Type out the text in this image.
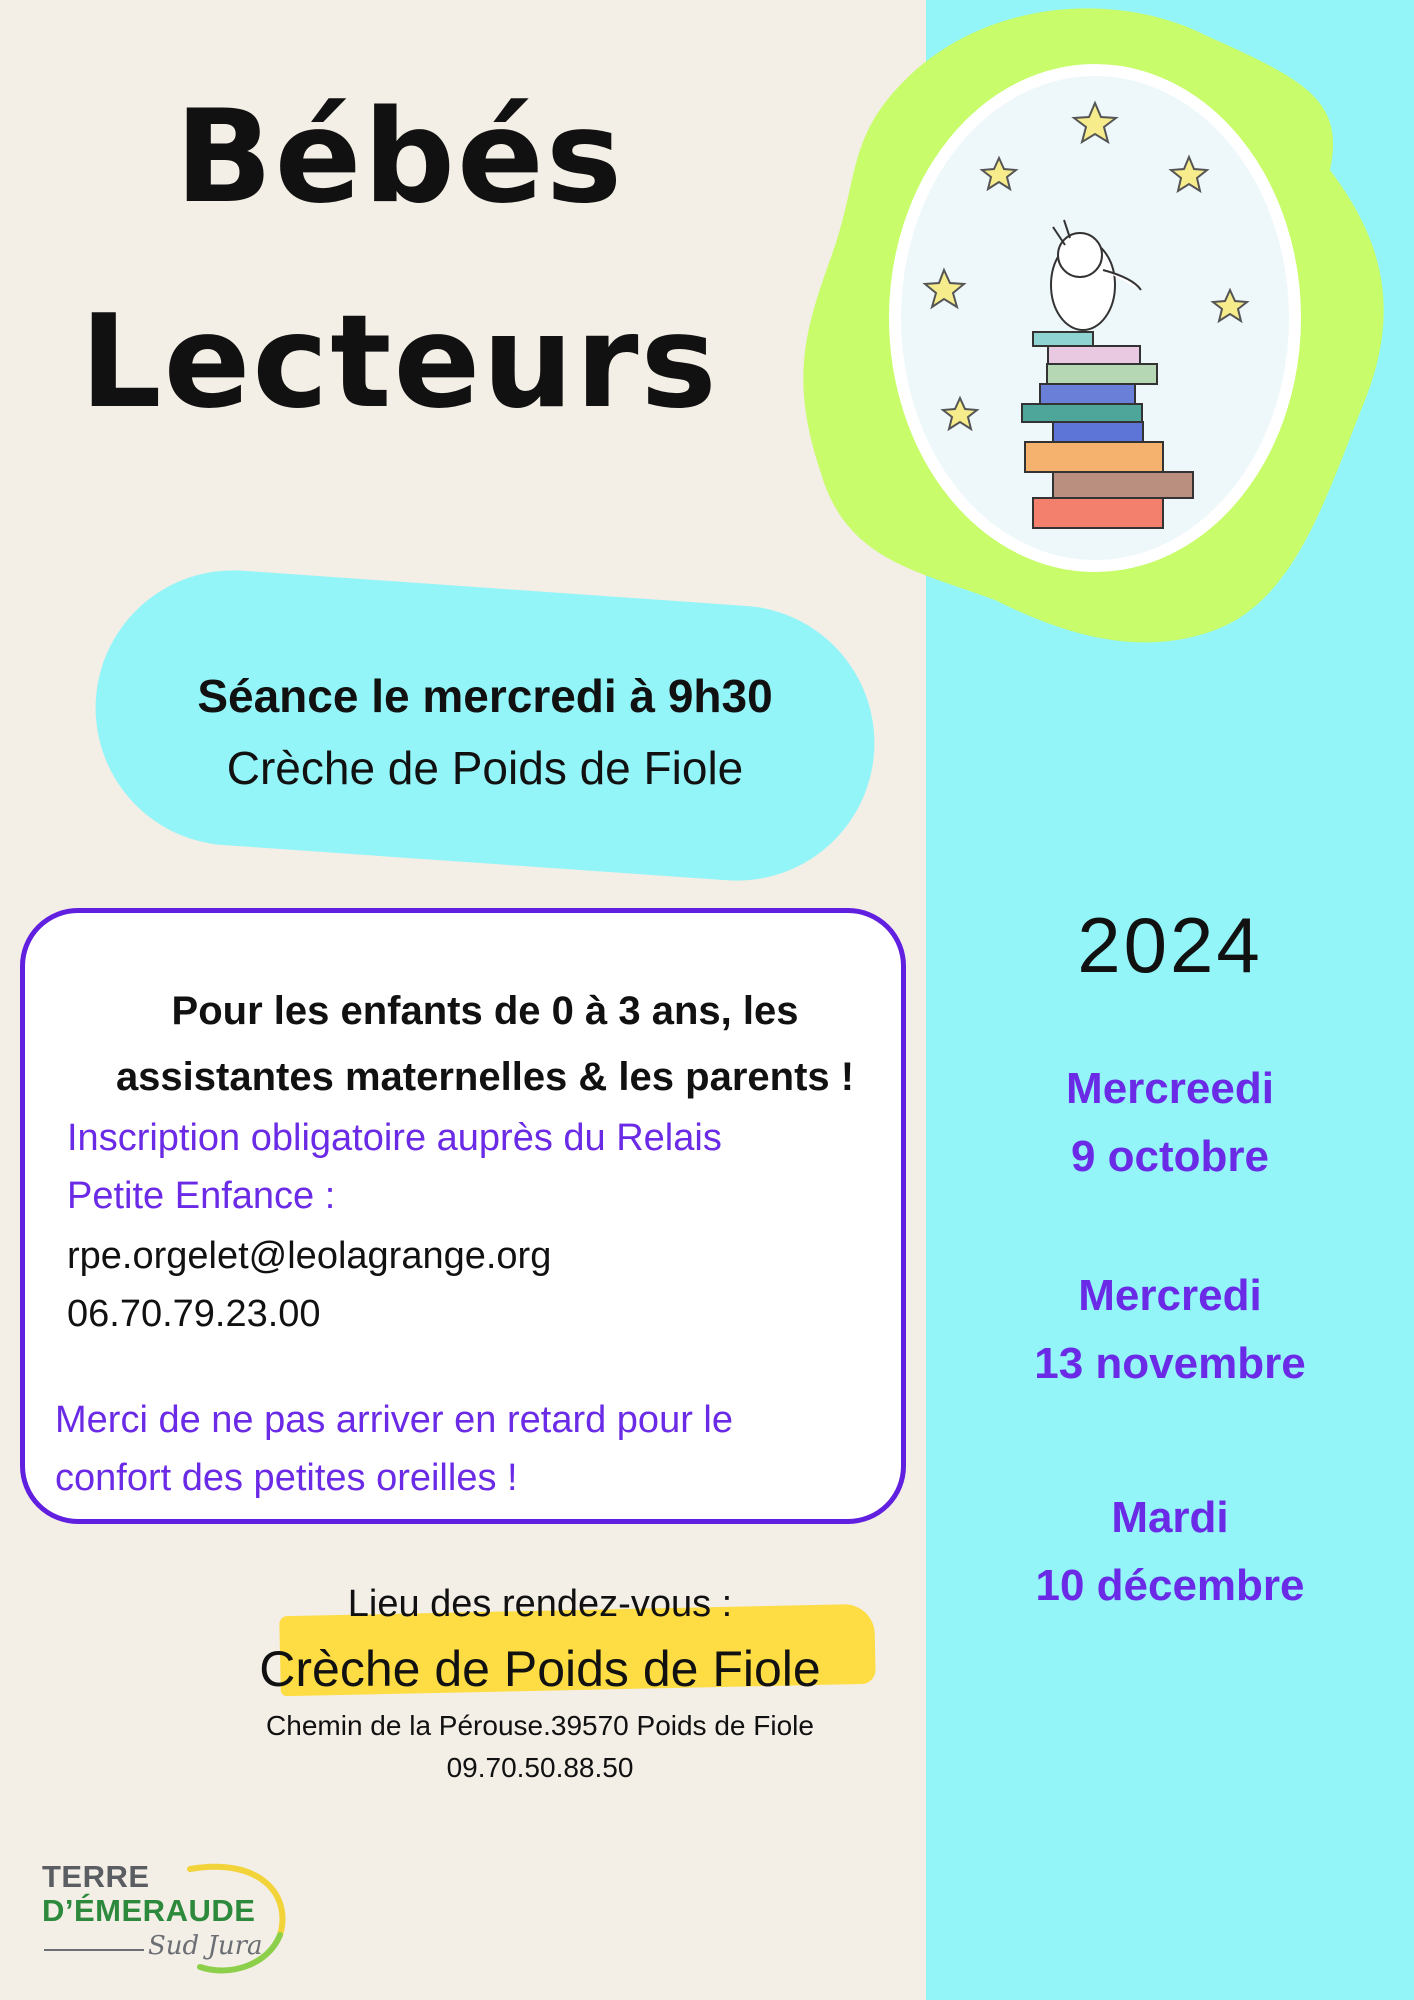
Bébés
Lecteurs
Séance le mercredi à 9h30
Crèche de Poids de Fiole
Pour les enfants de 0 à 3 ans, les
assistantes maternelles & les parents !
Inscription obligatoire auprès du Relais
Petite Enfance :
rpe.orgelet@leolagrange.org
06.70.79.23.00
Merci de ne pas arriver en retard pour le
confort des petites oreilles !
Lieu des rendez-vous :
Crèche de Poids de Fiole
Chemin de la Pérouse.39570 Poids de Fiole
09.70.50.88.50
2024
Mercreedi
9 octobre
Mercredi
13 novembre
Mardi
10 décembre
TERRE
D’ÉMERAUDE
Sud Jura
